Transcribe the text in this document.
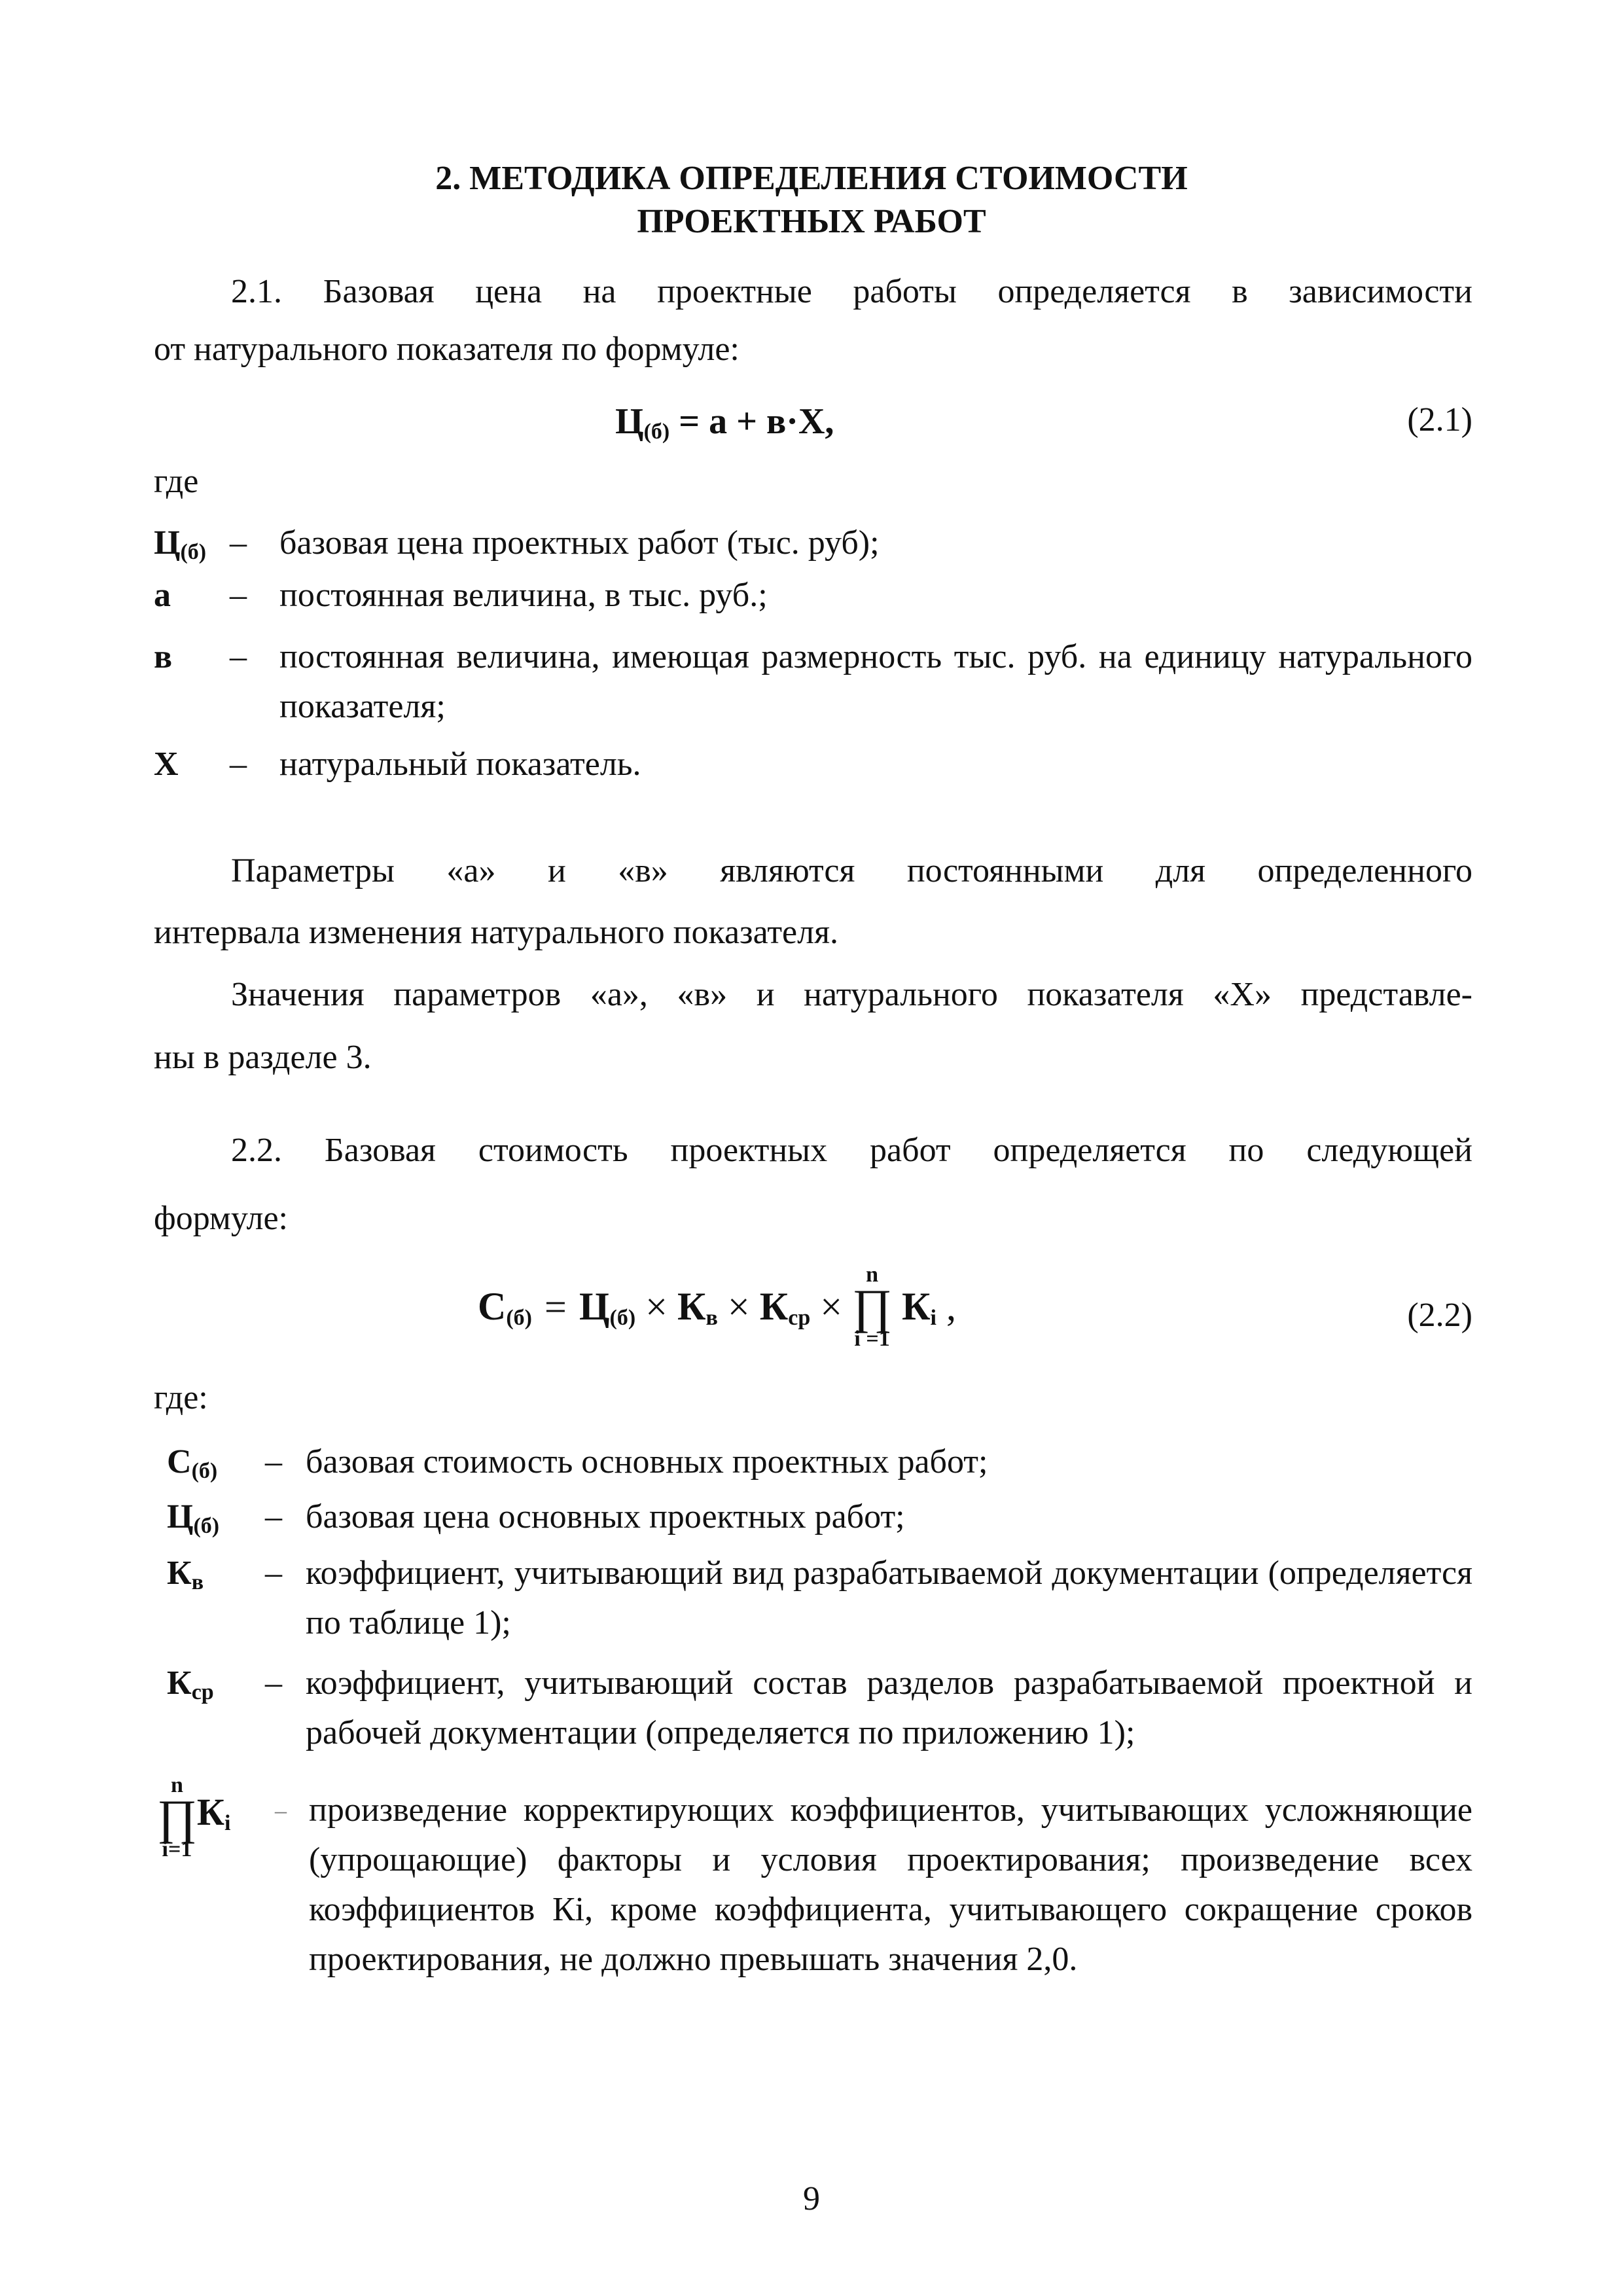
2. МЕТОДИКА ОПРЕДЕЛЕНИЯ СТОИМОСТИ
ПРОЕКТНЫХ РАБОТ
2.1. Базовая цена на проектные работы определяется в зависимости
от натурального показателя по формуле:
$Ц_{(б)} = а + в\cdot Х$,	(2.1)
где
$Ц_{(б)}$ – базовая цена проектных работ (тыс. руб);
а – постоянная величина, в тыс. руб.;
в – постоянная величина, имеющая размерность тыс. руб. на единицу натурального показателя;
Х – натуральный показатель.
Параметры «а» и «в» являются постоянными для определенного
интервала изменения натурального показателя.
Значения параметров «а», «в» и натурального показателя «Х» представле-
ны в разделе 3.
2.2. Базовая стоимость проектных работ определяется по следующей
формуле:
$С_{(б)} = Ц_{(б)} \times К_в \times К_{ср}$ ×
n
∏
i =1
$К_i$ ,	(2.2)
где:
$С_{(б)}$ – базовая стоимость основных проектных работ;
$Ц_{(б)}$ – базовая цена основных проектных работ;
$К_в$ – коэффициент, учитывающий вид разрабатываемой документации (определяется по таблице 1);
$К_{ср}$ – коэффициент, учитывающий состав разделов разрабатываемой проектной и рабочей документации (определяется по приложению 1);
n
∏
i=1
$К_i$ – произведение корректирующих коэффициентов, учитывающих усложняющие (упрощающие) факторы и условия проектирования; произведение всех коэффициентов Кi, кроме коэффициента, учитывающего сокращение сроков проектирования, не должно превышать значения 2,0.
9
